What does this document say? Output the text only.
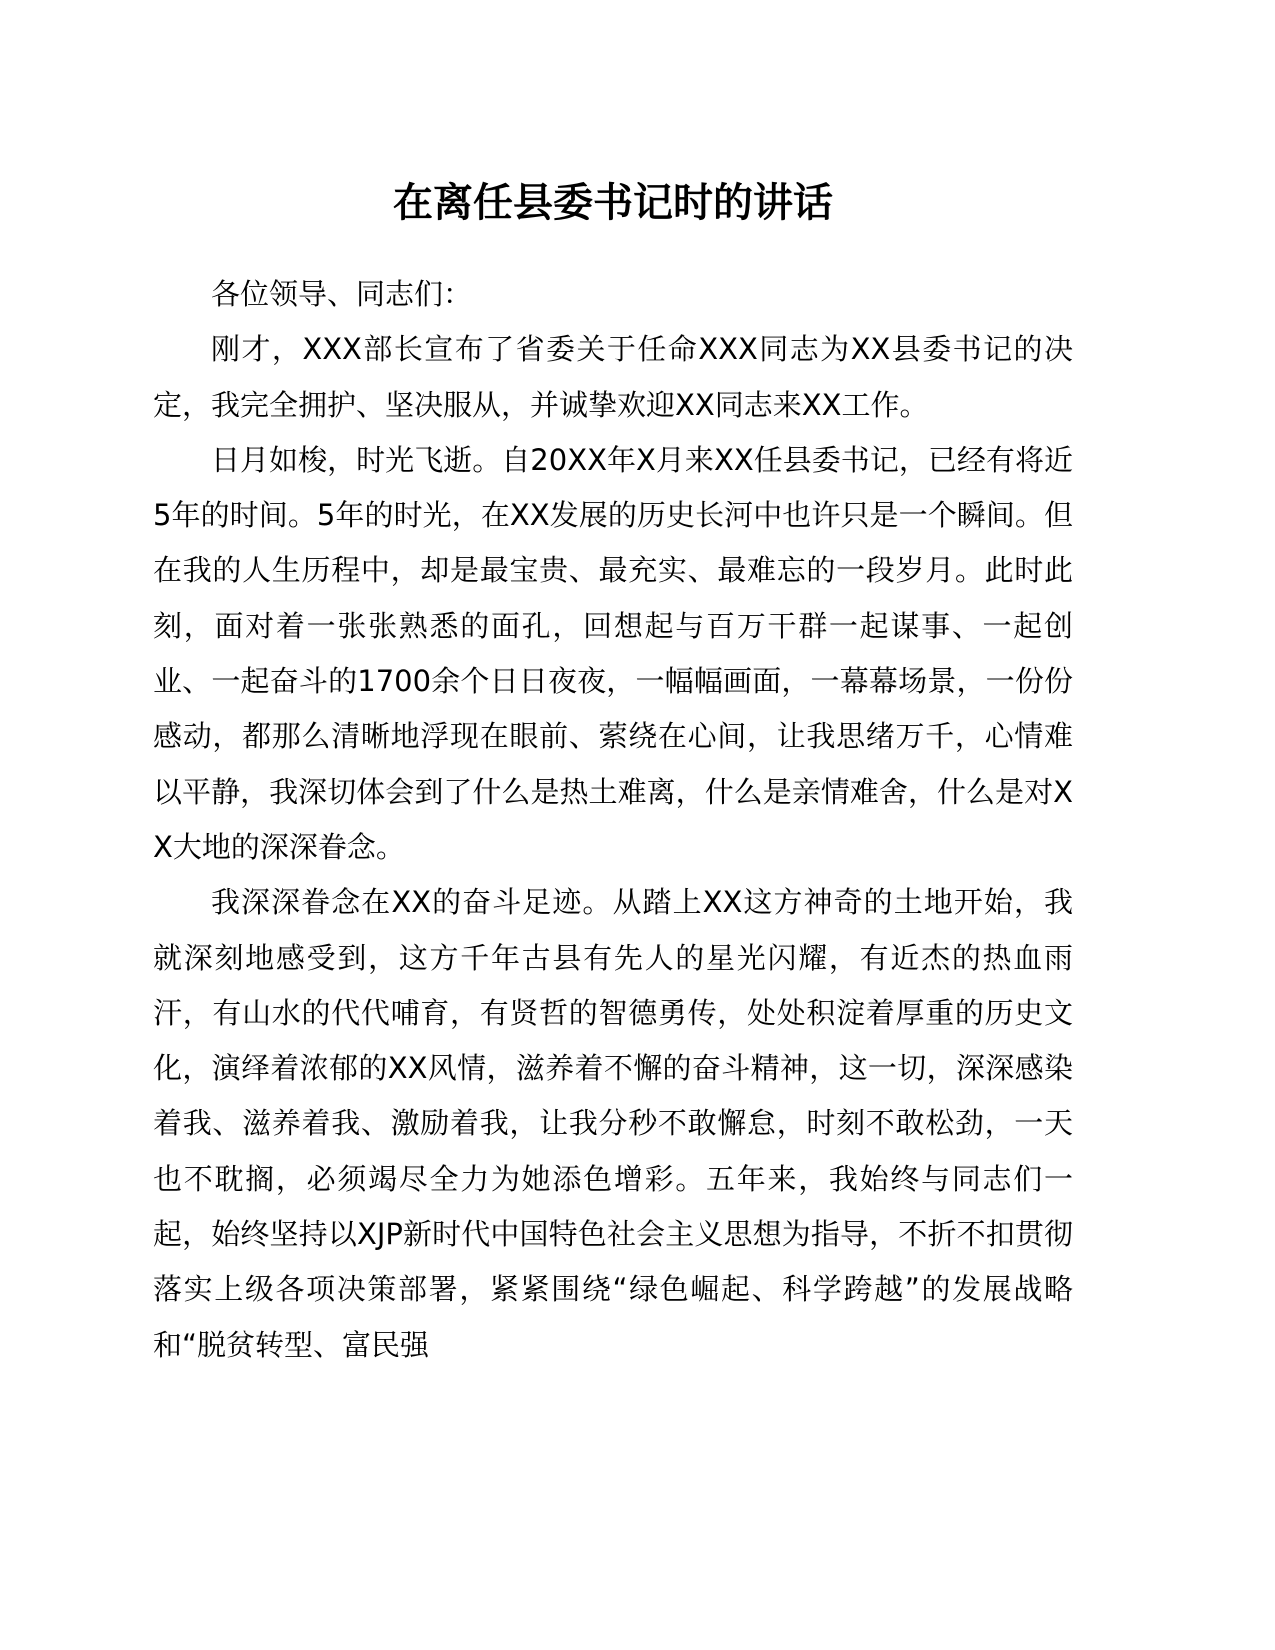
在离任县委书记时的讲话

各位领导、同志们：

刚才，XXX部长宣布了省委关于任命XXX同志为XX县委书记的决定，我完全拥护、坚决服从，并诚挚欢迎XX同志来XX工作。

日月如梭，时光飞逝。自20XX年X月来XX任县委书记，已经有将近5年的时间。5年的时光，在XX发展的历史长河中也许只是一个瞬间。但在我的人生历程中，却是最宝贵、最充实、最难忘的一段岁月。此时此刻，面对着一张张熟悉的面孔，回想起与百万干群一起谋事、一起创业、一起奋斗的1700余个日日夜夜，一幅幅画面，一幕幕场景，一份份感动，都那么清晰地浮现在眼前、萦绕在心间，让我思绪万千，心情难以平静，我深切体会到了什么是热土难离，什么是亲情难舍，什么是对XX大地的深深眷念。

我深深眷念在XX的奋斗足迹。从踏上XX这方神奇的土地开始，我就深刻地感受到，这方千年古县有先人的星光闪耀，有近杰的热血雨汗，有山水的代代哺育，有贤哲的智德勇传，处处积淀着厚重的历史文化，演绎着浓郁的XX风情，滋养着不懈的奋斗精神，这一切，深深感染着我、滋养着我、激励着我，让我分秒不敢懈怠，时刻不敢松劲，一天也不耽搁，必须竭尽全力为她添色增彩。五年来，我始终与同志们一起，始终坚持以XJP新时代中国特色社会主义思想为指导，不折不扣贯彻落实上级各项决策部署，紧紧围绕“绿色崛起、科学跨越”的发展战略和“脱贫转型、富民强
